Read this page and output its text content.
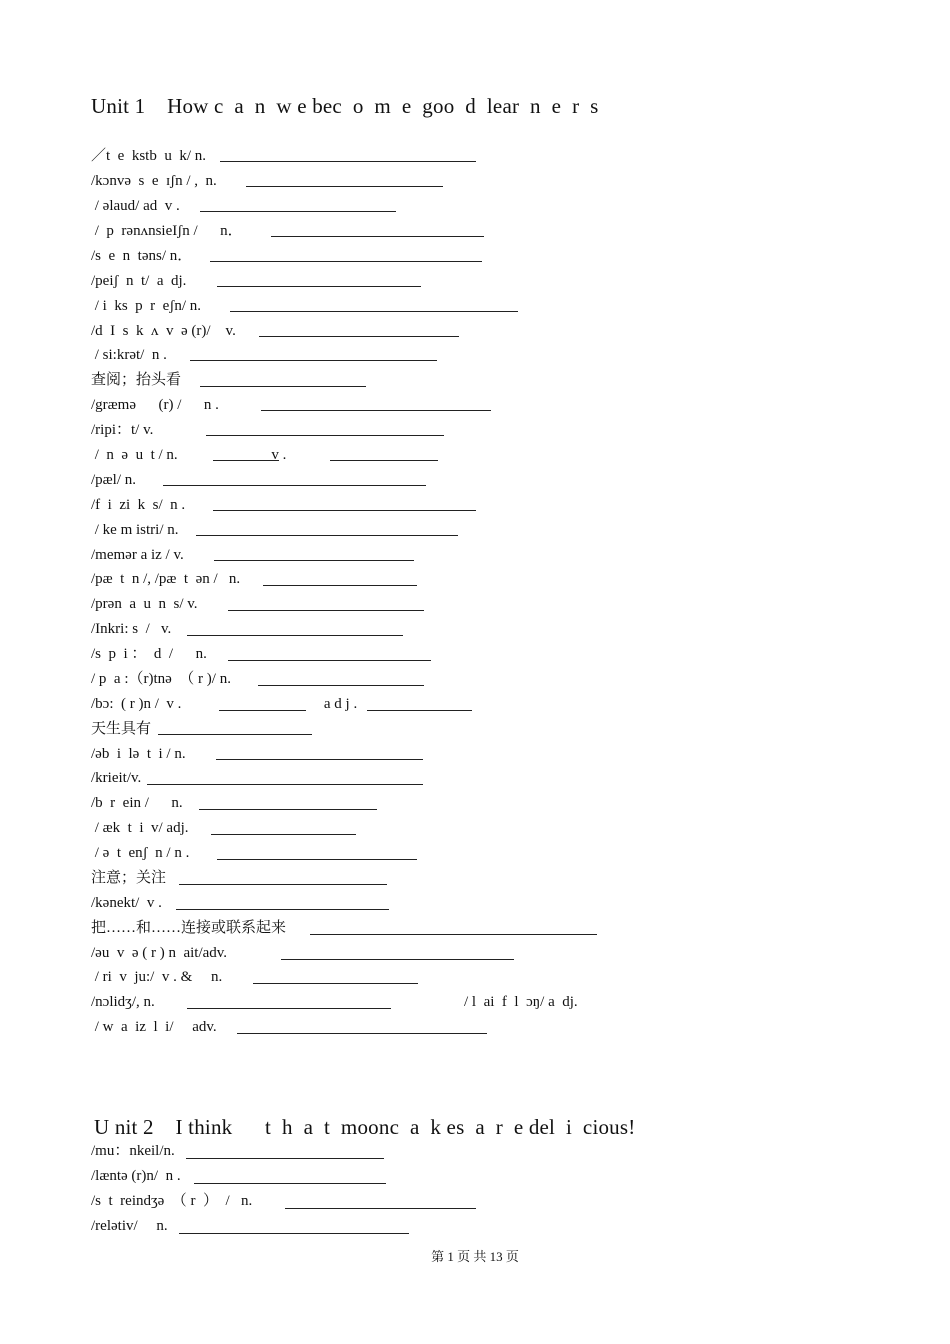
Unit 1    How c  a  n  w e bec  o  m  e  goo  d  lear  n  e  r  s
／t  e  kstb  u  k/ n.
/kɔnvə  s  e  ɪʃn / ,  n.
/ əlaud/ ad  v .
/  p  rənʌnsieIʃn /      n．
/s  e  n  təns/ n．
/peiʃ  n  t/  a  dj.
/ i  ks  p  r  eʃn/ n.
/d  I  s  k  ʌ  v  ə (r)/    v.
/ si:krət/  n .
查阅；抬头看
/grӕmə      (r) /      n .
/ripi：t/ v.
/  n  ə  u  t / n.                         v .
/pæl/ n.
/f  i  zi  k  s/  n .
/ ke m istri/ n.
/memər a iz / v.
/pæ  t  n /, /pæ  t  ən /   n.
/prən  a  u  n  s/ v.
/Inkri: s  /   v.
/s  p  i ：  d  /      n.
/ p  a :（r)tnə  （ r )/ n.
/bɔ:  ( r )n /  v .                                      a d j .
天生具有
/əb  i  lə  t  i / n.
/krieit/v.
/b  r  ein /      n.
/ æk  t  i  v/ adj.
/ ə  t  enʃ  n / n .
注意；关注
/kənekt/  v .
把……和……连接或联系起来
/əu  v  ə ( r ) n  ait/adv.
/ ri  v  ju:/  v . &     n.
/nɔlidʒ/, n.	/ l  ai  f  l  ɔŋ/ a  dj.
/ w  a  iz  l  i/     adv.
U nit 2    I think      t  h  a  t  moonc  a  k es  a  r  e del  i  cious!
/mu：nkeil/n.
/læntə (r)n/  n .
/s  t  reindʒə  （ r  ）  /   n.
/relətiv/     n.
第 1 页 共 13 页
